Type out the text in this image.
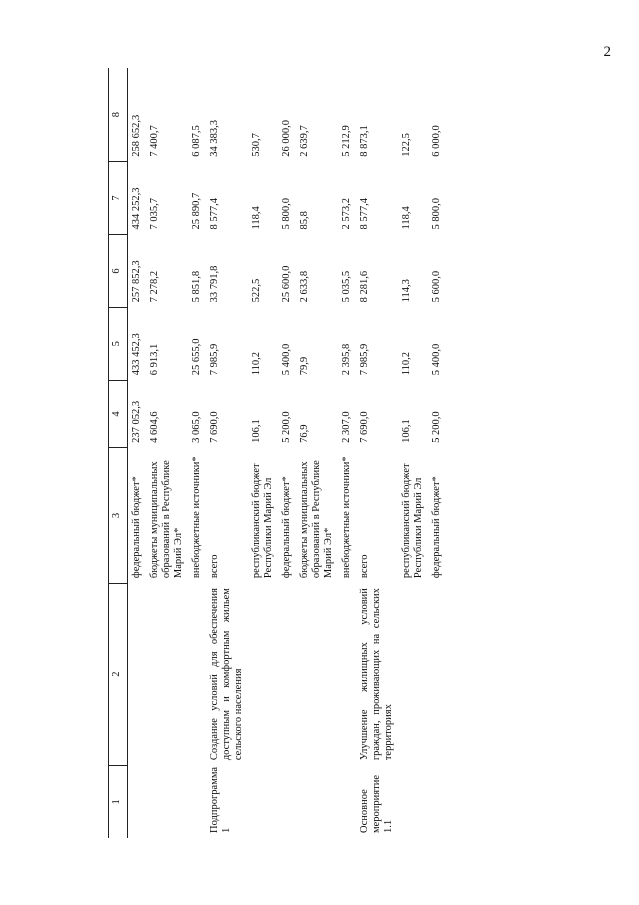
2
1	2	3	4	5	6	7	8
		федеральный бюджет*	237 052,3	433 452,3	257 852,3	434 252,3	258 652,3
		бюджеты муниципальных образований в Республике Марий Эл*	4 604,6	6 913,1	7 278,2	7 035,7	7 400,7
		внебюджетные источники*	3 065,0	25 655,0	5 851,8	25 890,7	6 087,5
Подпрограмма 1	Создание условий для обеспечения доступным и комфортным жильем сельского населения	всего	7 690,0	7 985,9	33 791,8	8 577,4	34 383,3
		республиканский бюджет Республики Марий Эл	106,1	110,2	522,5	118,4	530,7
		федеральный бюджет*	5 200,0	5 400,0	25 600,0	5 800,0	26 000,0
		бюджеты муниципальных образований в Республике Марий Эл*	76,9	79,9	2 633,8	85,8	2 639,7
		внебюджетные источники*	2 307,0	2 395,8	5 035,5	2 573,2	5 212,9
Основное мероприятие 1.1	Улучшение жилищных условий граждан, проживающих на сельских территориях	всего	7 690,0	7 985,9	8 281,6	8 577,4	8 873,1
		республиканский бюджет Республики Марий Эл	106,1	110,2	114,3	118,4	122,5
		федеральный бюджет*	5 200,0	5 400,0	5 600,0	5 800,0	6 000,0
